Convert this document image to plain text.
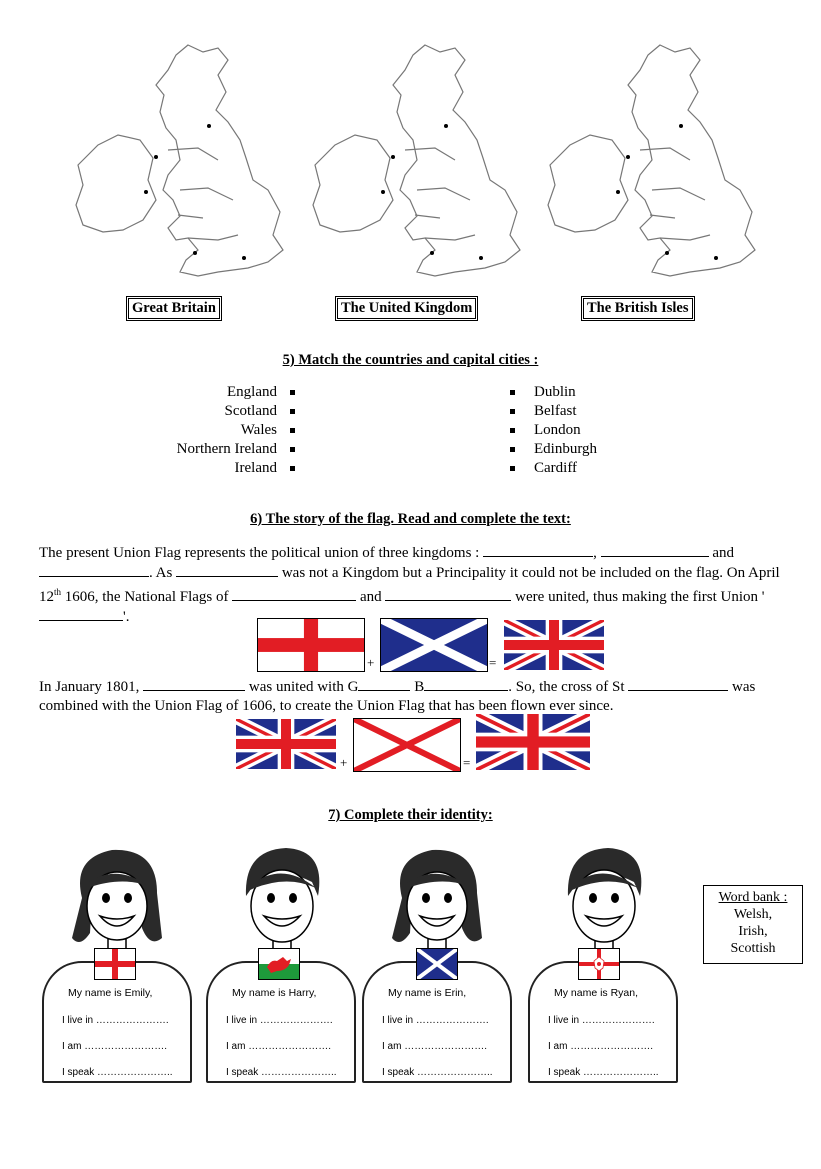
Great Britain	The United Kingdom	The British Isles
5) Match the countries and capital cities :
England
Scotland
Wales
Northern Ireland
Ireland
Dublin
Belfast
London
Edinburgh
Cardiff
6) The story of the flag. Read and complete the text:

The present Union Flag represents the political union of three kingdoms :	,	and . As	was not a Kingdom but a Principality it could not be included on the flag. On April 12th 1606, the National Flags of	and	were united, thus making the first Union ''.

+	=

In January 1801,	was united with G	B	. So, the cross of St	was combined with the Union Flag of 1606, to create the Union Flag that has been flown ever since.

+	=
7) Complete their identity:
Word bank :
Welsh,
Irish,
Scottish
My name is Emily,
I live in ………………….
I am …………………….
I speak …………………..
My name is Harry,
I live in ………………….
I am …………………….
I speak …………………..
My name is Erin,
I live in ………………….
I am …………………….
I speak …………………..
My name is Ryan,
I live in ………………….
I am …………………….
I speak …………………..
